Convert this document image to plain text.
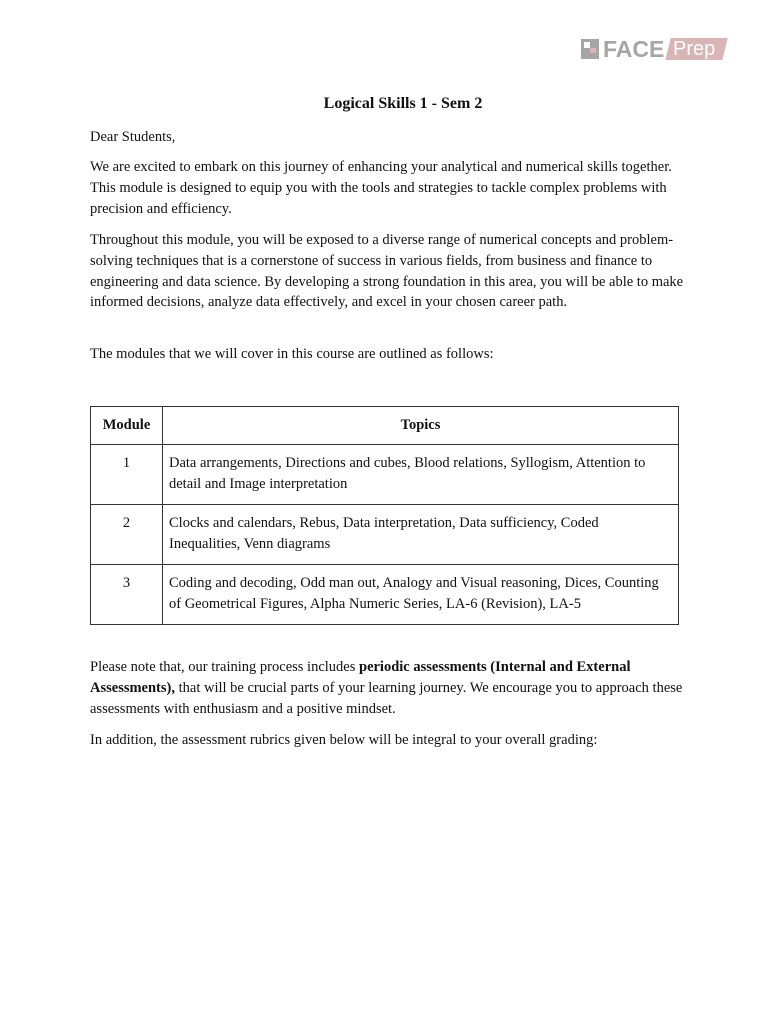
FACE Prep
Logical Skills 1 - Sem 2

Dear Students,

We are excited to embark on this journey of enhancing your analytical and numerical skills together. This module is designed to equip you with the tools and strategies to tackle complex problems with precision and efficiency.

Throughout this module, you will be exposed to a diverse range of numerical concepts and problem-solving techniques that is a cornerstone of success in various fields, from business and finance to engineering and data science. By developing a strong foundation in this area, you will be able to make informed decisions, analyze data effectively, and excel in your chosen career path.

The modules that we will cover in this course are outlined as follows:

Module	Topics
1	Data arrangements, Directions and cubes, Blood relations, Syllogism, Attention to detail and Image interpretation
2	Clocks and calendars, Rebus, Data interpretation, Data sufficiency, Coded Inequalities, Venn diagrams
3	Coding and decoding, Odd man out, Analogy and Visual reasoning, Dices, Counting of Geometrical Figures, Alpha Numeric Series, LA-6 (Revision), LA-5

Please note that, our training process includes periodic assessments (Internal and External Assessments), that will be crucial parts of your learning journey. We encourage you to approach these assessments with enthusiasm and a positive mindset.

In addition, the assessment rubrics given below will be integral to your overall grading:
